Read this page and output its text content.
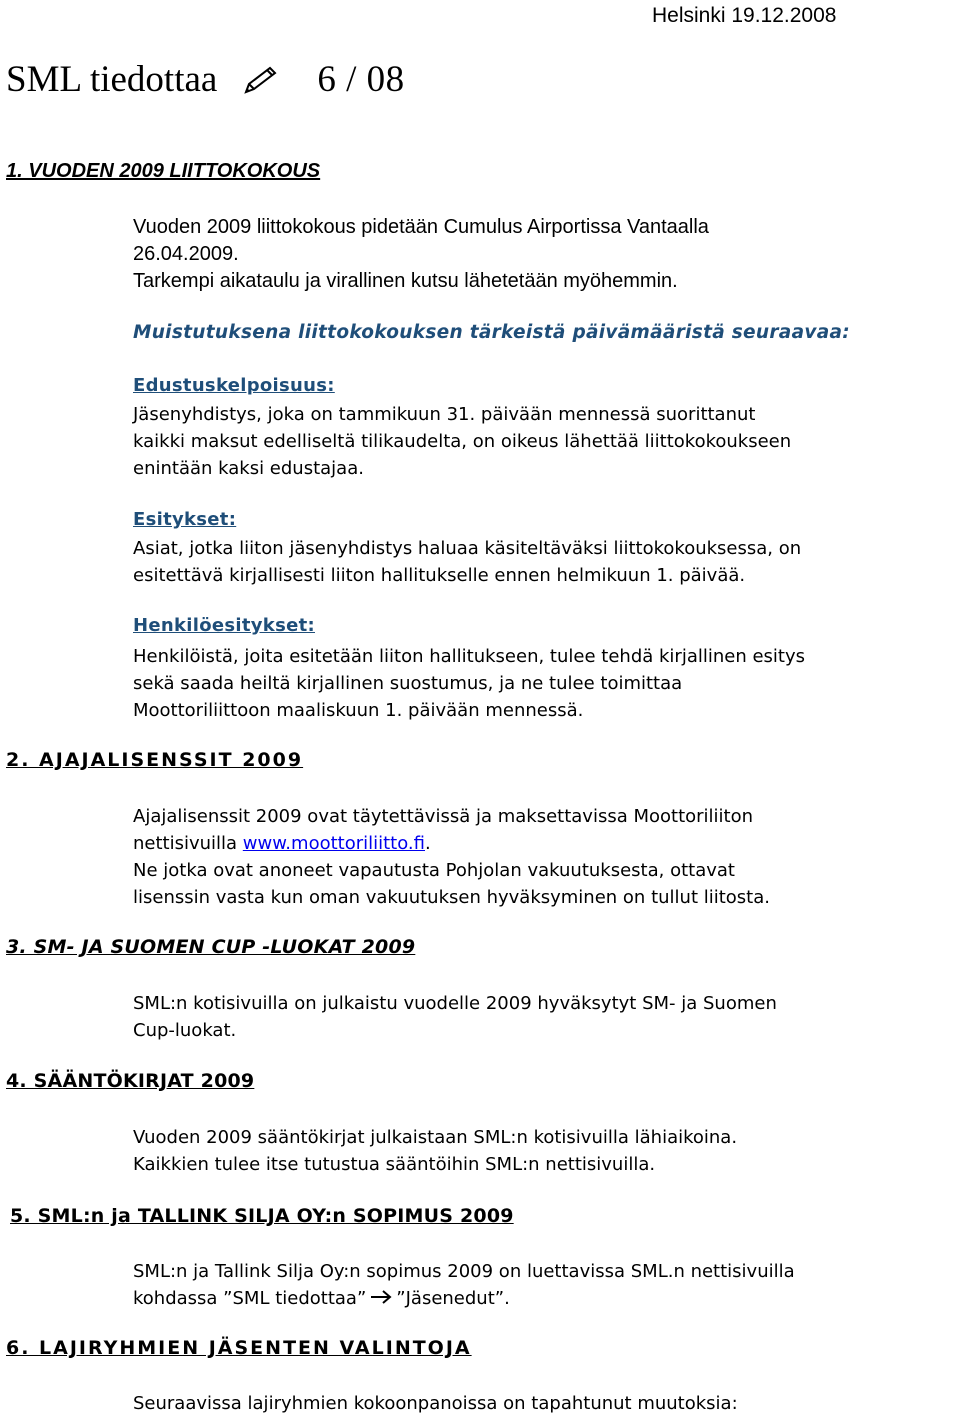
Helsinki 19.12.2008
SML tiedottaa	6 / 08
1. VUODEN 2009 LIITTOKOKOUS
Vuoden 2009 liittokokous pidetään Cumulus Airportissa Vantaalla
26.04.2009.
Tarkempi aikataulu ja virallinen kutsu lähetetään myöhemmin.

Muistutuksena liittokokouksen tärkeistä päivämääristä seuraavaa:

Edustuskelpoisuus:

Jäsenyhdistys, joka on tammikuun 31. päivään mennessä suorittanut
kaikki maksut edelliseltä tilikaudelta, on oikeus lähettää liittokokoukseen
enintään kaksi edustajaa.

Esitykset:

Asiat, jotka liiton jäsenyhdistys haluaa käsiteltäväksi liittokokouksessa, on
esitettävä kirjallisesti liiton hallitukselle ennen helmikuun 1. päivää.

Henkilöesitykset:

Henkilöistä, joita esitetään liiton hallitukseen, tulee tehdä kirjallinen esitys
sekä saada heiltä kirjallinen suostumus, ja ne tulee toimittaa
Moottoriliittoon maaliskuun 1. päivään mennessä.
2. AJAJALISENSSIT 2009
Ajajalisenssit 2009 ovat täytettävissä ja maksettavissa Moottoriliiton
nettisivuilla www.moottoriliitto.fi.
Ne jotka ovat anoneet vapautusta Pohjolan vakuutuksesta, ottavat
lisenssin vasta kun oman vakuutuksen hyväksyminen on tullut liitosta.
3. SM- JA SUOMEN CUP -LUOKAT 2009
SML:n kotisivuilla on julkaistu vuodelle 2009 hyväksytyt SM- ja Suomen
Cup-luokat.
4. SÄÄNTÖKIRJAT 2009
Vuoden 2009 sääntökirjat julkaistaan SML:n kotisivuilla lähiaikoina.
Kaikkien tulee itse tutustua sääntöihin SML:n nettisivuilla.
5. SML:n ja TALLINK SILJA OY:n SOPIMUS 2009
SML:n ja Tallink Silja Oy:n sopimus 2009 on luettavissa SML.n nettisivuilla
kohdassa ”SML tiedottaa” ”Jäsenedut”.
6. LAJIRYHMIEN JÄSENTEN VALINTOJA
Seuraavissa lajiryhmien kokoonpanoissa on tapahtunut muutoksia:
